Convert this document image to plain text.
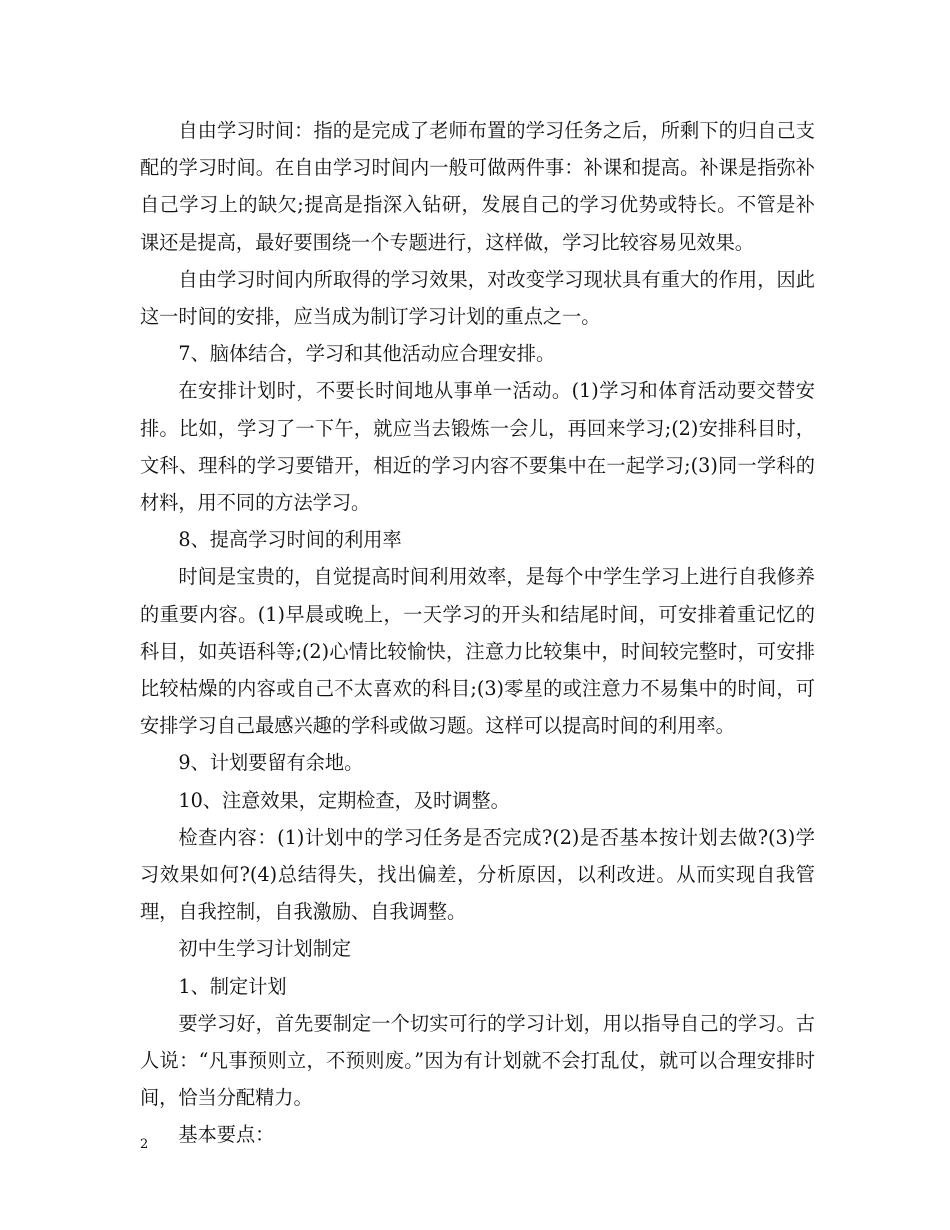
自由学习时间：指的是完成了老师布置的学习任务之后，所剩下的归自己支配的学习时间。在自由学习时间内一般可做两件事：补课和提高。补课是指弥补自己学习上的缺欠;提高是指深入钻研，发展自己的学习优势或特长。不管是补课还是提高，最好要围绕一个专题进行，这样做，学习比较容易见效果。

自由学习时间内所取得的学习效果，对改变学习现状具有重大的作用，因此这一时间的安排，应当成为制订学习计划的重点之一。

7、脑体结合，学习和其他活动应合理安排。

在安排计划时，不要长时间地从事单一活动。(1)学习和体育活动要交替安排。比如，学习了一下午，就应当去锻炼一会儿，再回来学习;(2)安排科目时，文科、理科的学习要错开，相近的学习内容不要集中在一起学习;(3)同一学科的材料，用不同的方法学习。

8、提高学习时间的利用率

时间是宝贵的，自觉提高时间利用效率，是每个中学生学习上进行自我修养的重要内容。(1)早晨或晚上，一天学习的开头和结尾时间，可安排着重记忆的科目，如英语科等;(2)心情比较愉快，注意力比较集中，时间较完整时，可安排比较枯燥的内容或自己不太喜欢的科目;(3)零星的或注意力不易集中的时间，可安排学习自己最感兴趣的学科或做习题。这样可以提高时间的利用率。

9、计划要留有余地。

10、注意效果，定期检查，及时调整。

检查内容：(1)计划中的学习任务是否完成?(2)是否基本按计划去做?(3)学习效果如何?(4)总结得失，找出偏差，分析原因，以利改进。从而实现自我管理，自我控制，自我激励、自我调整。

初中生学习计划制定

1、制定计划

要学习好，首先要制定一个切实可行的学习计划，用以指导自己的学习。古人说：“凡事预则立，不预则废。”因为有计划就不会打乱仗，就可以合理安排时间，恰当分配精力。

基本要点：

2
